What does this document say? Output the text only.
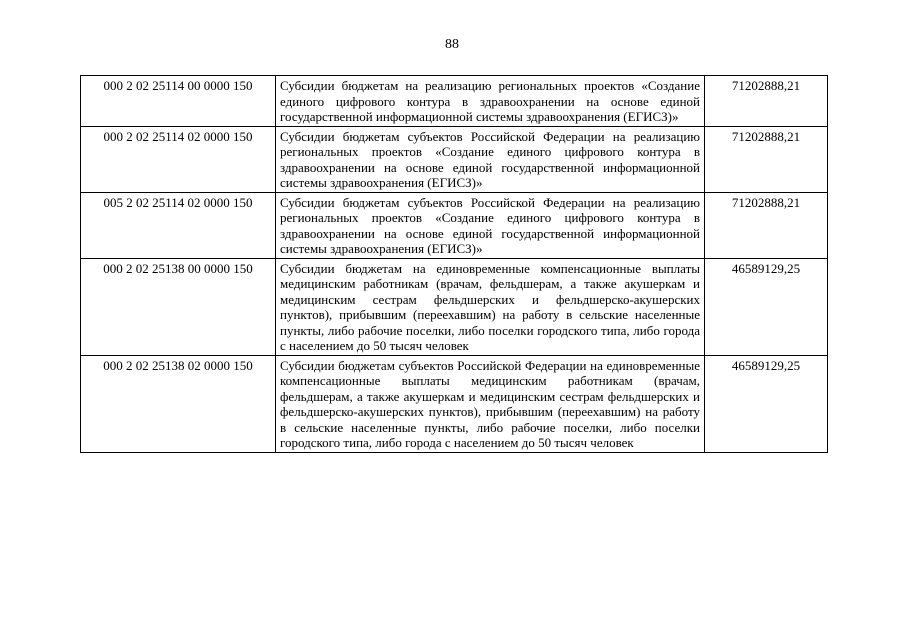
88
000 2 02 25114 00 0000 150	Субсидии бюджетам на реализацию региональных проектов «Создание единого цифрового контура в здравоохранении на основе единой государственной информационной системы здравоохранения (ЕГИСЗ)»	71202888,21
000 2 02 25114 02 0000 150	Субсидии бюджетам субъектов Российской Федерации на реализацию региональных проектов «Создание единого цифрового контура в здравоохранении на основе единой государственной информационной системы здравоохранения (ЕГИСЗ)»	71202888,21
005 2 02 25114 02 0000 150	Субсидии бюджетам субъектов Российской Федерации на реализацию региональных проектов «Создание единого цифрового контура в здравоохранении на основе единой государственной информационной системы здравоохранения (ЕГИСЗ)»	71202888,21
000 2 02 25138 00 0000 150	Субсидии бюджетам на единовременные компенсационные выплаты медицинским работникам (врачам, фельдшерам, а также акушеркам и медицинским сестрам фельдшерских и фельдшерско-акушерских пунктов), прибывшим (переехавшим) на работу в сельские населенные пункты, либо рабочие поселки, либо поселки городского типа, либо города с населением до 50 тысяч человек	46589129,25
000 2 02 25138 02 0000 150	Субсидии бюджетам субъектов Российской Федерации на единовременные компенсационные выплаты медицинским работникам (врачам, фельдшерам, а также акушеркам и медицинским сестрам фельдшерских и фельдшерско-акушерских пунктов), прибывшим (переехавшим) на работу в сельские населенные пункты, либо рабочие поселки, либо поселки городского типа, либо города с населением до 50 тысяч человек	46589129,25
